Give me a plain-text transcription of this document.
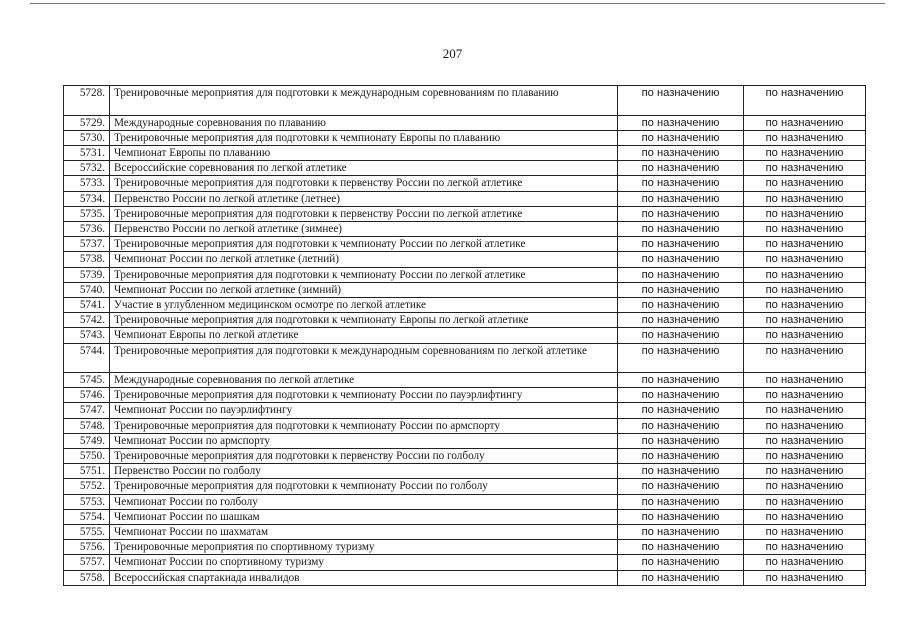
207
5728.	Тренировочные мероприятия для подготовки к международным соревнованиям по плаванию	по назначению	по назначению
5729.	Международные соревнования по плаванию	по назначению	по назначению
5730.	Тренировочные мероприятия для подготовки к чемпионату Европы по плаванию	по назначению	по назначению
5731.	Чемпионат Европы по плаванию	по назначению	по назначению
5732.	Всероссийские соревнования по легкой атлетике	по назначению	по назначению
5733.	Тренировочные мероприятия для подготовки к первенству России по легкой атлетике	по назначению	по назначению
5734.	Первенство России по легкой атлетике (летнее)	по назначению	по назначению
5735.	Тренировочные мероприятия для подготовки к первенству России по легкой атлетике	по назначению	по назначению
5736.	Первенство России по легкой атлетике (зимнее)	по назначению	по назначению
5737.	Тренировочные мероприятия для подготовки к чемпионату России по легкой атлетике	по назначению	по назначению
5738.	Чемпионат России по легкой атлетике (летний)	по назначению	по назначению
5739.	Тренировочные мероприятия для подготовки к чемпионату России по легкой атлетике	по назначению	по назначению
5740.	Чемпионат России по легкой атлетике (зимний)	по назначению	по назначению
5741.	Участие в углубленном медицинском осмотре по легкой атлетике	по назначению	по назначению
5742.	Тренировочные мероприятия для подготовки к чемпионату Европы по легкой атлетике	по назначению	по назначению
5743.	Чемпионат Европы по легкой атлетике	по назначению	по назначению
5744.	Тренировочные мероприятия для подготовки к международным соревнованиям по легкой атлетике	по назначению	по назначению
5745.	Международные соревнования по легкой атлетике	по назначению	по назначению
5746.	Тренировочные мероприятия для подготовки к чемпионату России по пауэрлифтингу	по назначению	по назначению
5747.	Чемпионат России по пауэрлифтингу	по назначению	по назначению
5748.	Тренировочные мероприятия для подготовки к чемпионату России по армспорту	по назначению	по назначению
5749.	Чемпионат России по армспорту	по назначению	по назначению
5750.	Тренировочные мероприятия для подготовки к первенству России по голболу	по назначению	по назначению
5751.	Первенство России по голболу	по назначению	по назначению
5752.	Тренировочные мероприятия для подготовки к чемпионату России по голболу	по назначению	по назначению
5753.	Чемпионат России по голболу	по назначению	по назначению
5754.	Чемпионат России по шашкам	по назначению	по назначению
5755.	Чемпионат России по шахматам	по назначению	по назначению
5756.	Тренировочные мероприятия по спортивному туризму	по назначению	по назначению
5757.	Чемпионат России по спортивному туризму	по назначению	по назначению
5758.	Всероссийская спартакиада инвалидов	по назначению	по назначению
